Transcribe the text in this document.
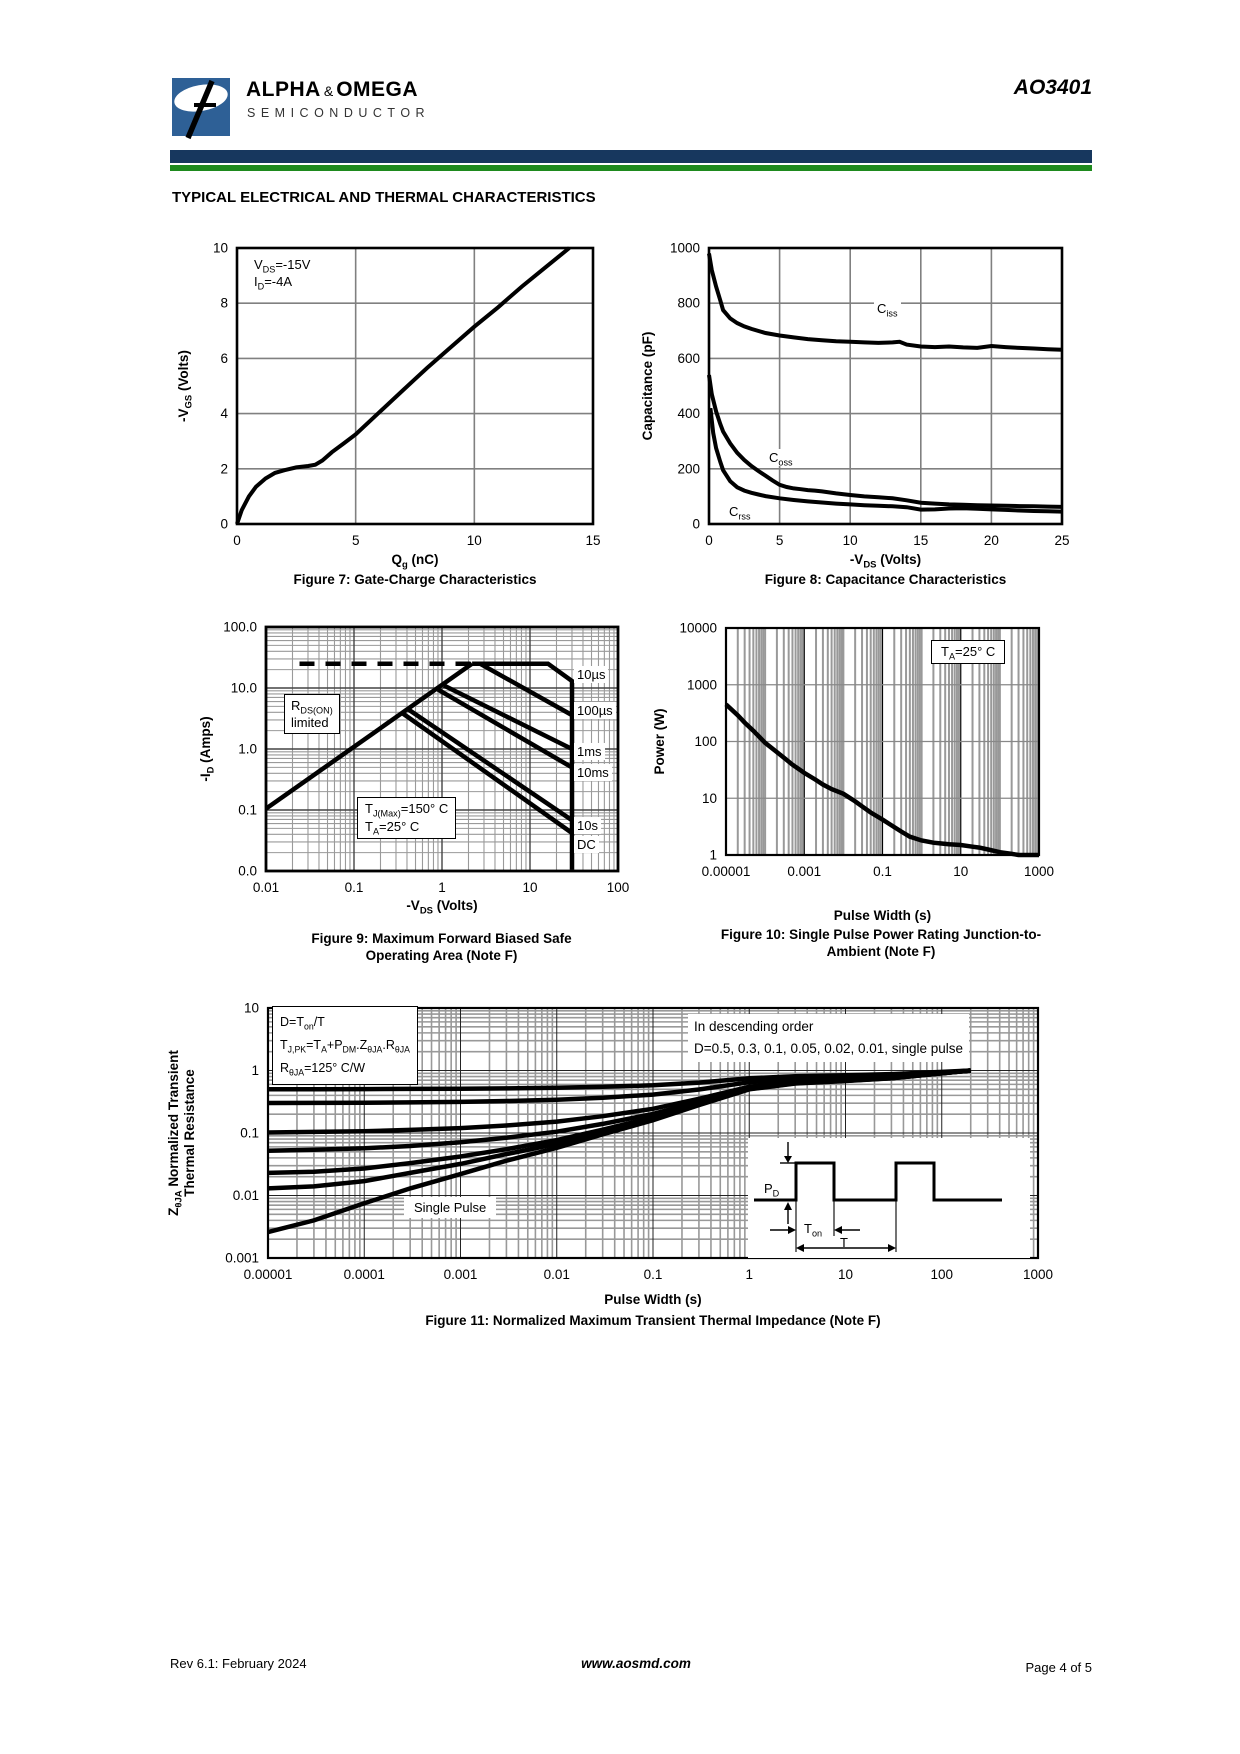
ALPHA & OMEGA
SEMICONDUCTOR
AO3401
TYPICAL ELECTRICAL AND THERMAL CHARACTERISTICS
0	5	10	15
0
2
4
6
8
10
$-V_{GS}$ (Volts)
$Q_g$ (nC)
Figure 7: Gate-Charge Characteristics
$V_{DS}=-15V$
$I_D=-4A$
0	5	10	15	20	25
0
200
400
600
800
1000
Capacitance (pF)
$-V_{DS}$ (Volts)
Figure 8: Capacitance Characteristics
$C_{iss}$
$C_{oss}$
$C_{rss}$
0.01	0.1	1	10	100
0.0
0.1
1.0
10.0
100.0
$-I_D$ (Amps)
$-V_{DS}$ (Volts)
Figure 9: Maximum Forward Biased Safe
Operating Area (Note F)
$R_{DS(ON)}$
limited
$T_{J(Max)}=150^\circ$ C
$T_A=25^\circ$ C
10µs
100µs
1ms
10ms
10s
DC
0.00001	0.001	0.1	10	1000
1
10
100
1000
10000
Power (W)
Pulse Width (s)
Figure 10: Single Pulse Power Rating Junction-to-
Ambient (Note F)
$T_A=25^\circ$ C
0.00001	0.0001	0.001	0.01	0.1	1	10	100	1000
0.001
0.01
0.1
1
10
$Z_{\theta JA}$ Normalized Transient Thermal Resistance
Pulse Width (s)
Figure 11: Normalized Maximum Transient Thermal Impedance (Note F)
$D=T_{on}/T$
$T_{J,PK}=T_A+P_{DM}.Z_{\theta JA}.R_{\theta JA}$
$R_{\theta JA}=125^\circ$ C/W
In descending order
D=0.5, 0.3, 0.1, 0.05, 0.02, 0.01, single pulse
Single Pulse
$P_D$
$T_{on}$
T
Rev 6.1: February 2024	www.aosmd.com	Page 4 of 5
